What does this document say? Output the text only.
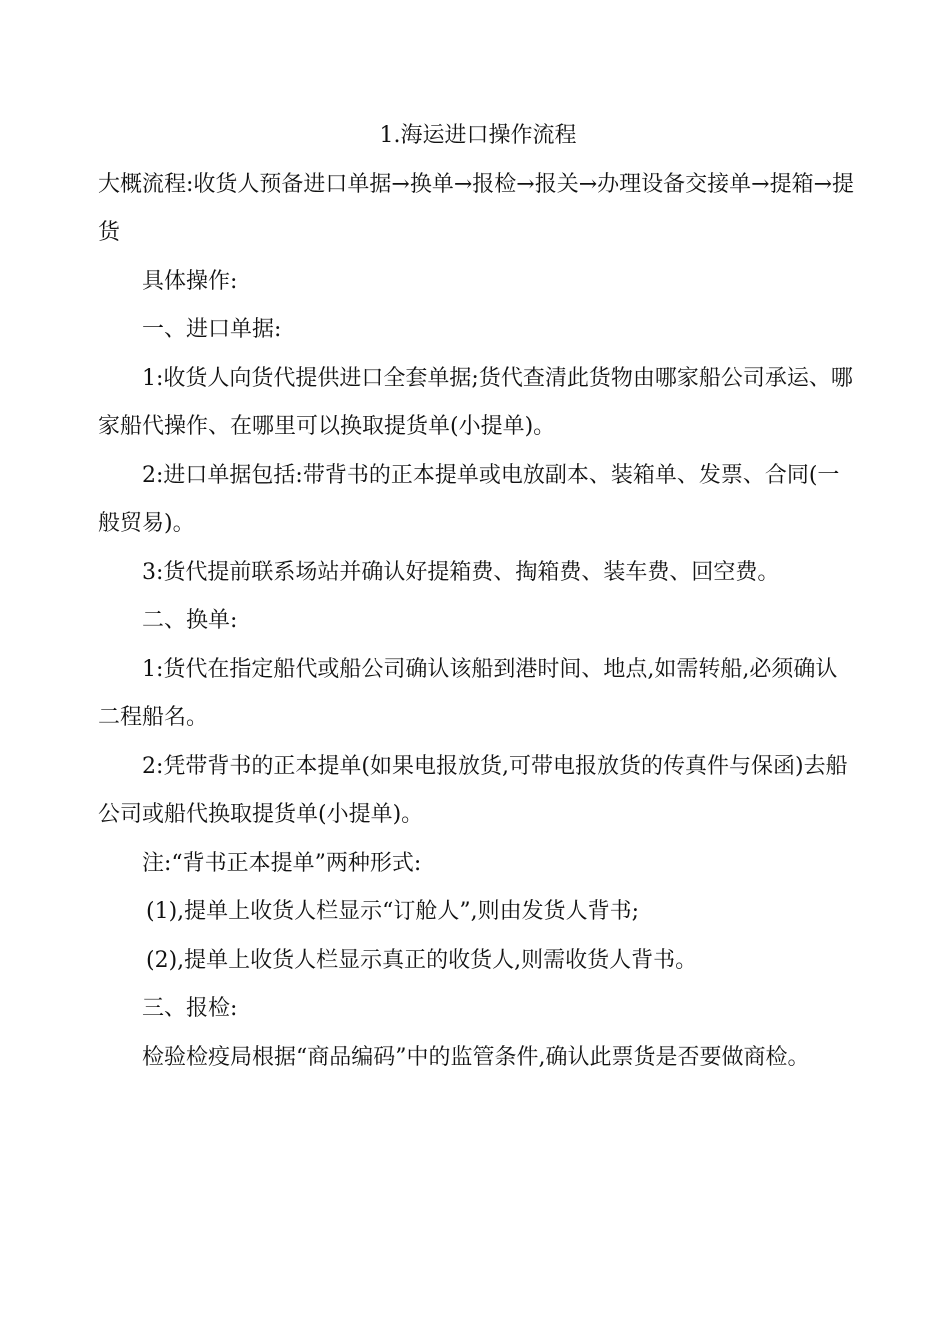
1.海运进口操作流程

大概流程:收货人预备进口单据→换单→报检→报关→办理设备交接单→提箱→提货

具体操作:

一、进口单据:

1:收货人向货代提供进口全套单据;货代查清此货物由哪家船公司承运、哪家船代操作、在哪里可以换取提货单(小提单)。

2:进口单据包括:带背书的正本提单或电放副本、装箱单、发票、合同(一般贸易)。

3:货代提前联系场站并确认好提箱费、掏箱费、装车费、回空费。

二、换单:

1:货代在指定船代或船公司确认该船到港时间、地点,如需转船,必须确认二程船名。

2:凭带背书的正本提单(如果电报放货,可带电报放货的传真件与保函)去船公司或船代换取提货单(小提单)。

注:“背书正本提单”两种形式:

(1),提单上收货人栏显示“订舱人”,则由发货人背书;

(2),提单上收货人栏显示真正的收货人,则需收货人背书。

三、报检:

检验检疫局根据“商品编码”中的监管条件,确认此票货是否要做商检。
